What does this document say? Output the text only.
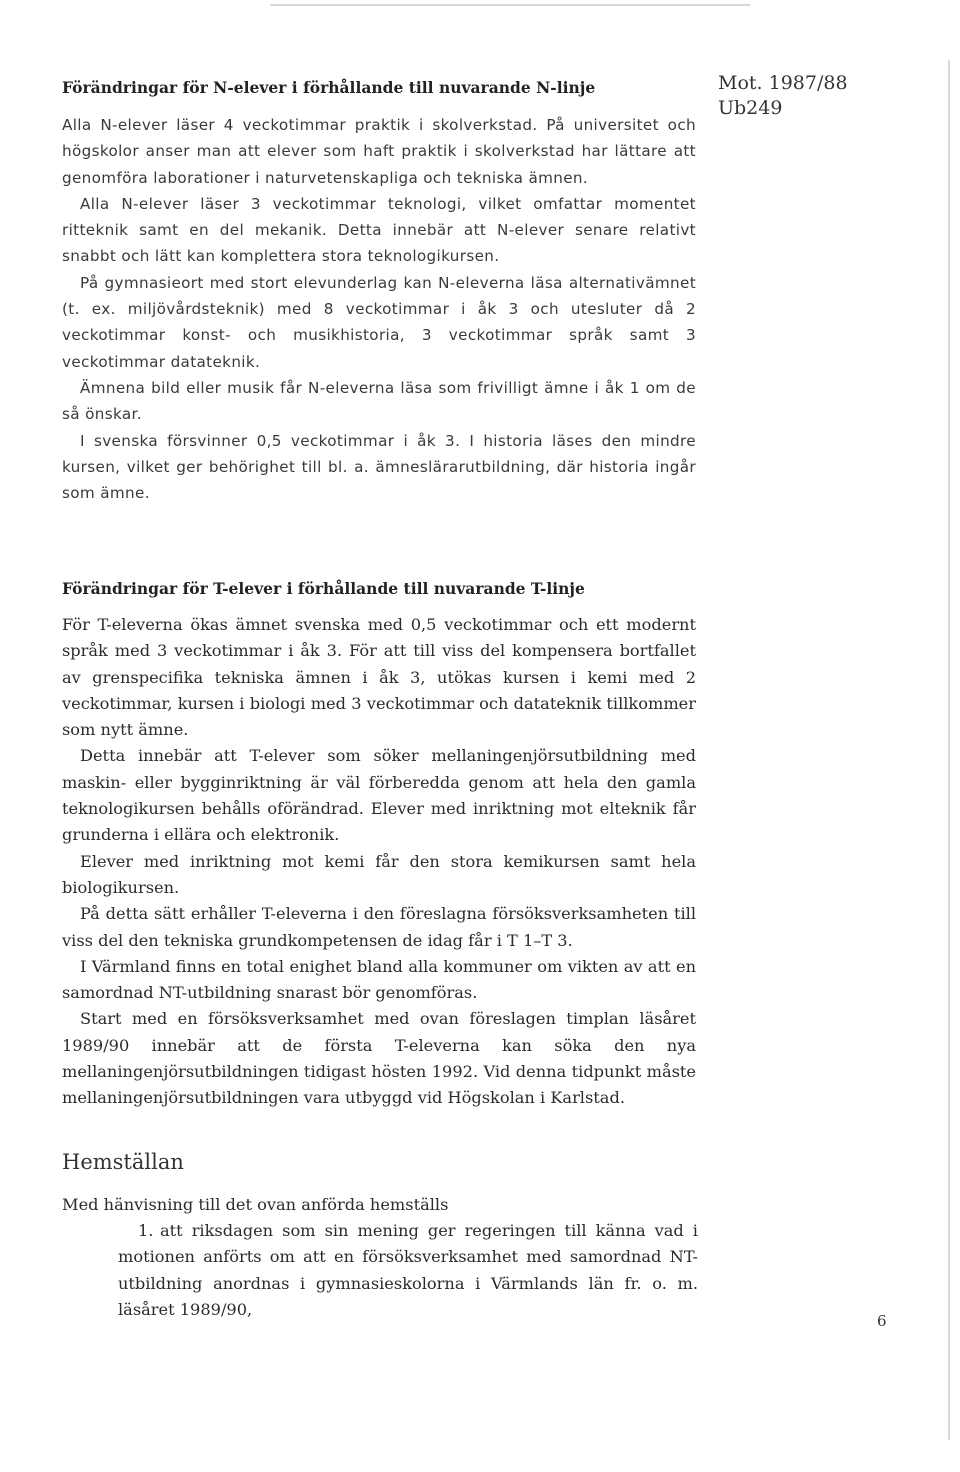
Mot. 1987/88
Ub249
Förändringar för N-elever i förhållande till nuvarande N-linje

Alla N-elever läser 4 veckotimmar praktik i skolverkstad. På universitet och högskolor anser man att elever som haft praktik i skolverkstad har lättare att genomföra laborationer i naturvetenskapliga och tekniska ämnen.

Alla N-elever läser 3 veckotimmar teknologi, vilket omfattar momentet ritteknik samt en del mekanik. Detta innebär att N-elever senare relativt snabbt och lätt kan komplettera stora teknologikursen.

På gymnasieort med stort elevunderlag kan N-eleverna läsa alternativämnet (t. ex. miljövårdsteknik) med 8 veckotimmar i åk 3 och utesluter då 2 veckotimmar konst- och musikhistoria, 3 veckotimmar språk samt 3 veckotimmar datateknik.

Ämnena bild eller musik får N-eleverna läsa som frivilligt ämne i åk 1 om de så önskar.

I svenska försvinner 0,5 veckotimmar i åk 3. I historia läses den mindre kursen, vilket ger behörighet till bl. a. ämneslärarutbildning, där historia ingår som ämne.

Förändringar för T-elever i förhållande till nuvarande T-linje

För T-eleverna ökas ämnet svenska med 0,5 veckotimmar och ett modernt språk med 3 veckotimmar i åk 3. För att till viss del kompensera bortfallet av grenspecifika tekniska ämnen i åk 3, utökas kursen i kemi med 2 veckotimmar, kursen i biologi med 3 veckotimmar och datateknik tillkommer som nytt ämne.

Detta innebär att T-elever som söker mellaningenjörsutbildning med maskin- eller bygginriktning är väl förberedda genom att hela den gamla teknologikursen behålls oförändrad. Elever med inriktning mot elteknik får grunderna i ellära och elektronik.

Elever med inriktning mot kemi får den stora kemikursen samt hela biologikursen.

På detta sätt erhåller T-eleverna i den föreslagna försöksverksamheten till viss del den tekniska grundkompetensen de idag får i T 1–T 3.

I Värmland finns en total enighet bland alla kommuner om vikten av att en samordnad NT-utbildning snarast bör genomföras.

Start med en försöksverksamhet med ovan föreslagen timplan läsåret 1989/90 innebär att de första T-eleverna kan söka den nya mellaningenjörsutbildningen tidigast hösten 1992. Vid denna tidpunkt måste mellaningenjörsutbildningen vara utbyggd vid Högskolan i Karlstad.

Hemställan
Med hänvisning till det ovan anförda hemställs
1. att riksdagen som sin mening ger regeringen till känna vad i motionen anförts om att en försöksverksamhet med samordnad NT-utbildning anordnas i gymnasieskolorna i Värmlands län fr. o. m. läsåret 1989/90,
6
